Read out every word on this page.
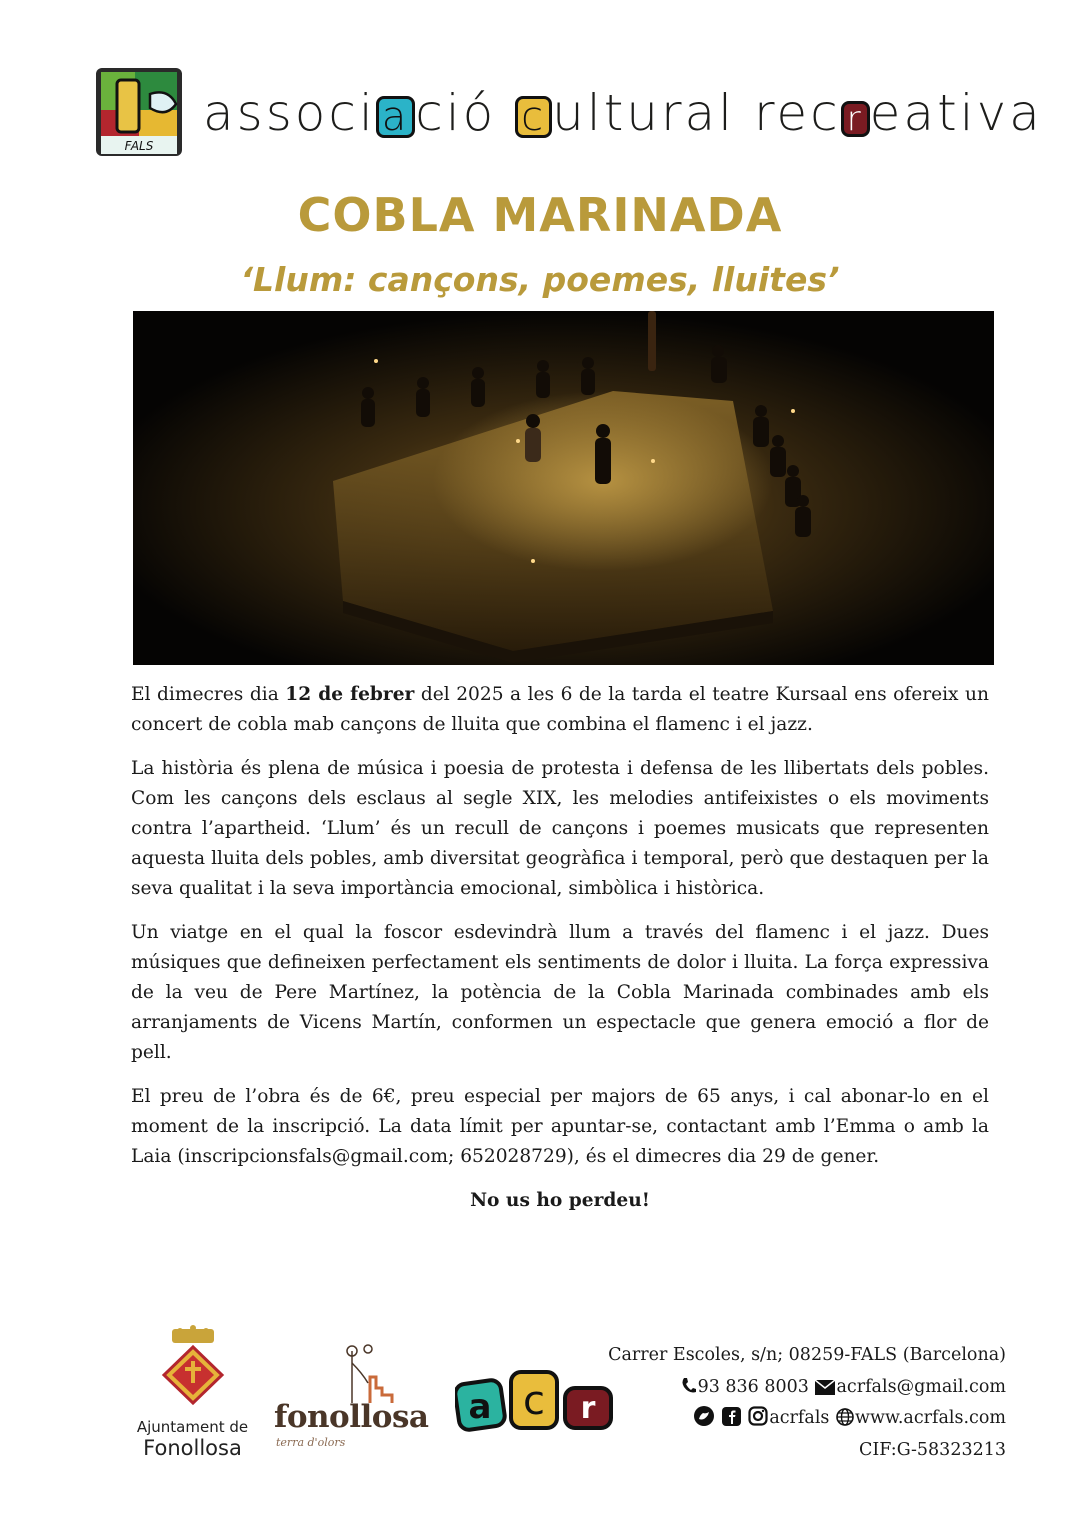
FALS
associ a ció c ultural rec r eativa
COBLA MARINADA
‘Llum: cançons, poemes, lluites’

El dimecres dia 12 de febrer del 2025 a les 6 de la tarda el teatre Kursaal ens ofereix un concert de cobla mab cançons de lluita que combina el flamenc i el jazz.

La història és plena de música i poesia de protesta i defensa de les llibertats dels pobles. Com les cançons dels esclaus al segle XIX, les melodies antifeixistes o els moviments contra l’apartheid. ‘Llum’ és un recull de cançons i poemes musicats que representen aquesta lluita dels pobles, amb diversitat geogràfica i temporal, però que destaquen per la seva qualitat i la seva importància emocional, simbòlica i històrica.

Un viatge en el qual la foscor esdevindrà llum a través del flamenc i el jazz. Dues músiques que defineixen perfectament els sentiments de dolor i lluita. La força expressiva de la veu de Pere Martínez, la potència de la Cobla Marinada combinades amb els arranjaments de Vicens Martín, conformen un espectacle que genera emoció a flor de pell.

El preu de l’obra és de 6€, preu especial per majors de 65 anys, i cal abonar-lo en el moment de la inscripció. La data límit per apuntar-se, contactant amb l’Emma o amb la Laia (inscripcionsfals@gmail.com; 652028729), és el dimecres dia 29 de gener.

No us ho perdeu!

Ajuntament de
Fonollosa
fonollosa
terra d'olors
a c r
Carrer Escoles, s/n; 08259-FALS (Barcelona)
93 836 8003 acrfals@gmail.com
acrfals www.acrfals.com
CIF:G-58323213
